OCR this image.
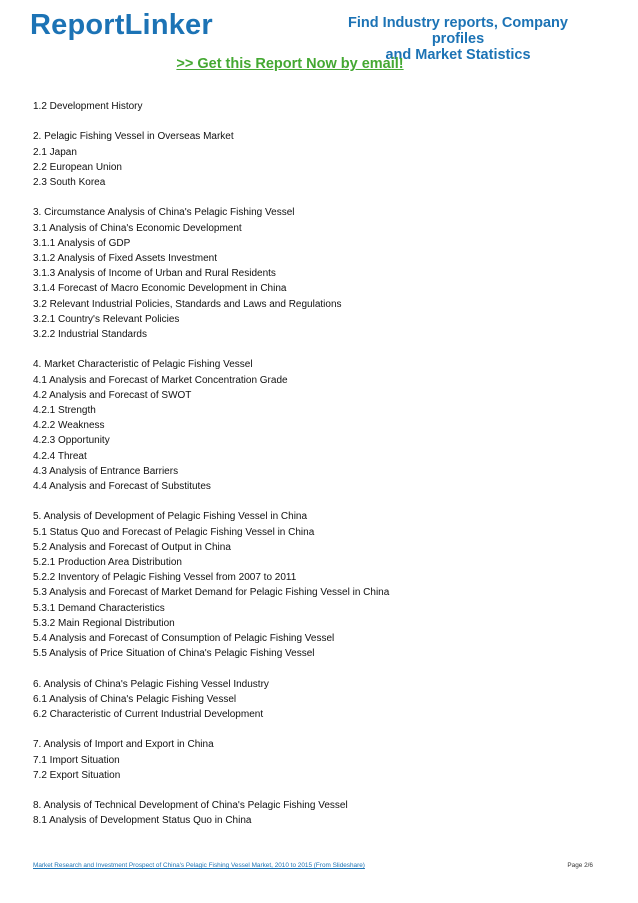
ReportLinker	Find Industry reports, Company profiles
and Market Statistics
>> Get this Report Now by email!
1.2 Development History
2. Pelagic Fishing Vessel in Overseas Market
2.1 Japan
2.2 European Union
2.3 South Korea
3. Circumstance Analysis of China's Pelagic Fishing Vessel
3.1 Analysis of China's Economic Development
3.1.1 Analysis of GDP
3.1.2 Analysis of Fixed Assets Investment
3.1.3 Analysis of Income of Urban and Rural Residents
3.1.4 Forecast of Macro Economic Development in China
3.2 Relevant Industrial Policies, Standards and Laws and Regulations
3.2.1 Country's Relevant Policies
3.2.2 Industrial Standards
4. Market Characteristic of Pelagic Fishing Vessel
4.1 Analysis and Forecast of Market Concentration Grade
4.2 Analysis and Forecast of SWOT
4.2.1 Strength
4.2.2 Weakness
4.2.3 Opportunity
4.2.4 Threat
4.3 Analysis of Entrance Barriers
4.4 Analysis and Forecast of Substitutes
5. Analysis of Development of Pelagic Fishing Vessel in China
5.1 Status Quo and Forecast of Pelagic Fishing Vessel in China
5.2 Analysis and Forecast of Output in China
5.2.1 Production Area Distribution
5.2.2 Inventory of Pelagic Fishing Vessel from 2007 to 2011
5.3 Analysis and Forecast of Market Demand for Pelagic Fishing Vessel in China
5.3.1 Demand Characteristics
5.3.2 Main Regional Distribution
5.4 Analysis and Forecast of Consumption of Pelagic Fishing Vessel
5.5 Analysis of Price Situation of China's Pelagic Fishing Vessel
6. Analysis of China's Pelagic Fishing Vessel Industry
6.1 Analysis of China's Pelagic Fishing Vessel
6.2 Characteristic of Current Industrial Development
7. Analysis of Import and Export in China
7.1 Import Situation
7.2 Export Situation
8. Analysis of Technical Development of China's Pelagic Fishing Vessel
8.1 Analysis of Development Status Quo in China
Market Research and Investment Prospect of China's Pelagic Fishing Vessel Market, 2010 to 2015 (From Slideshare)	Page 2/6
